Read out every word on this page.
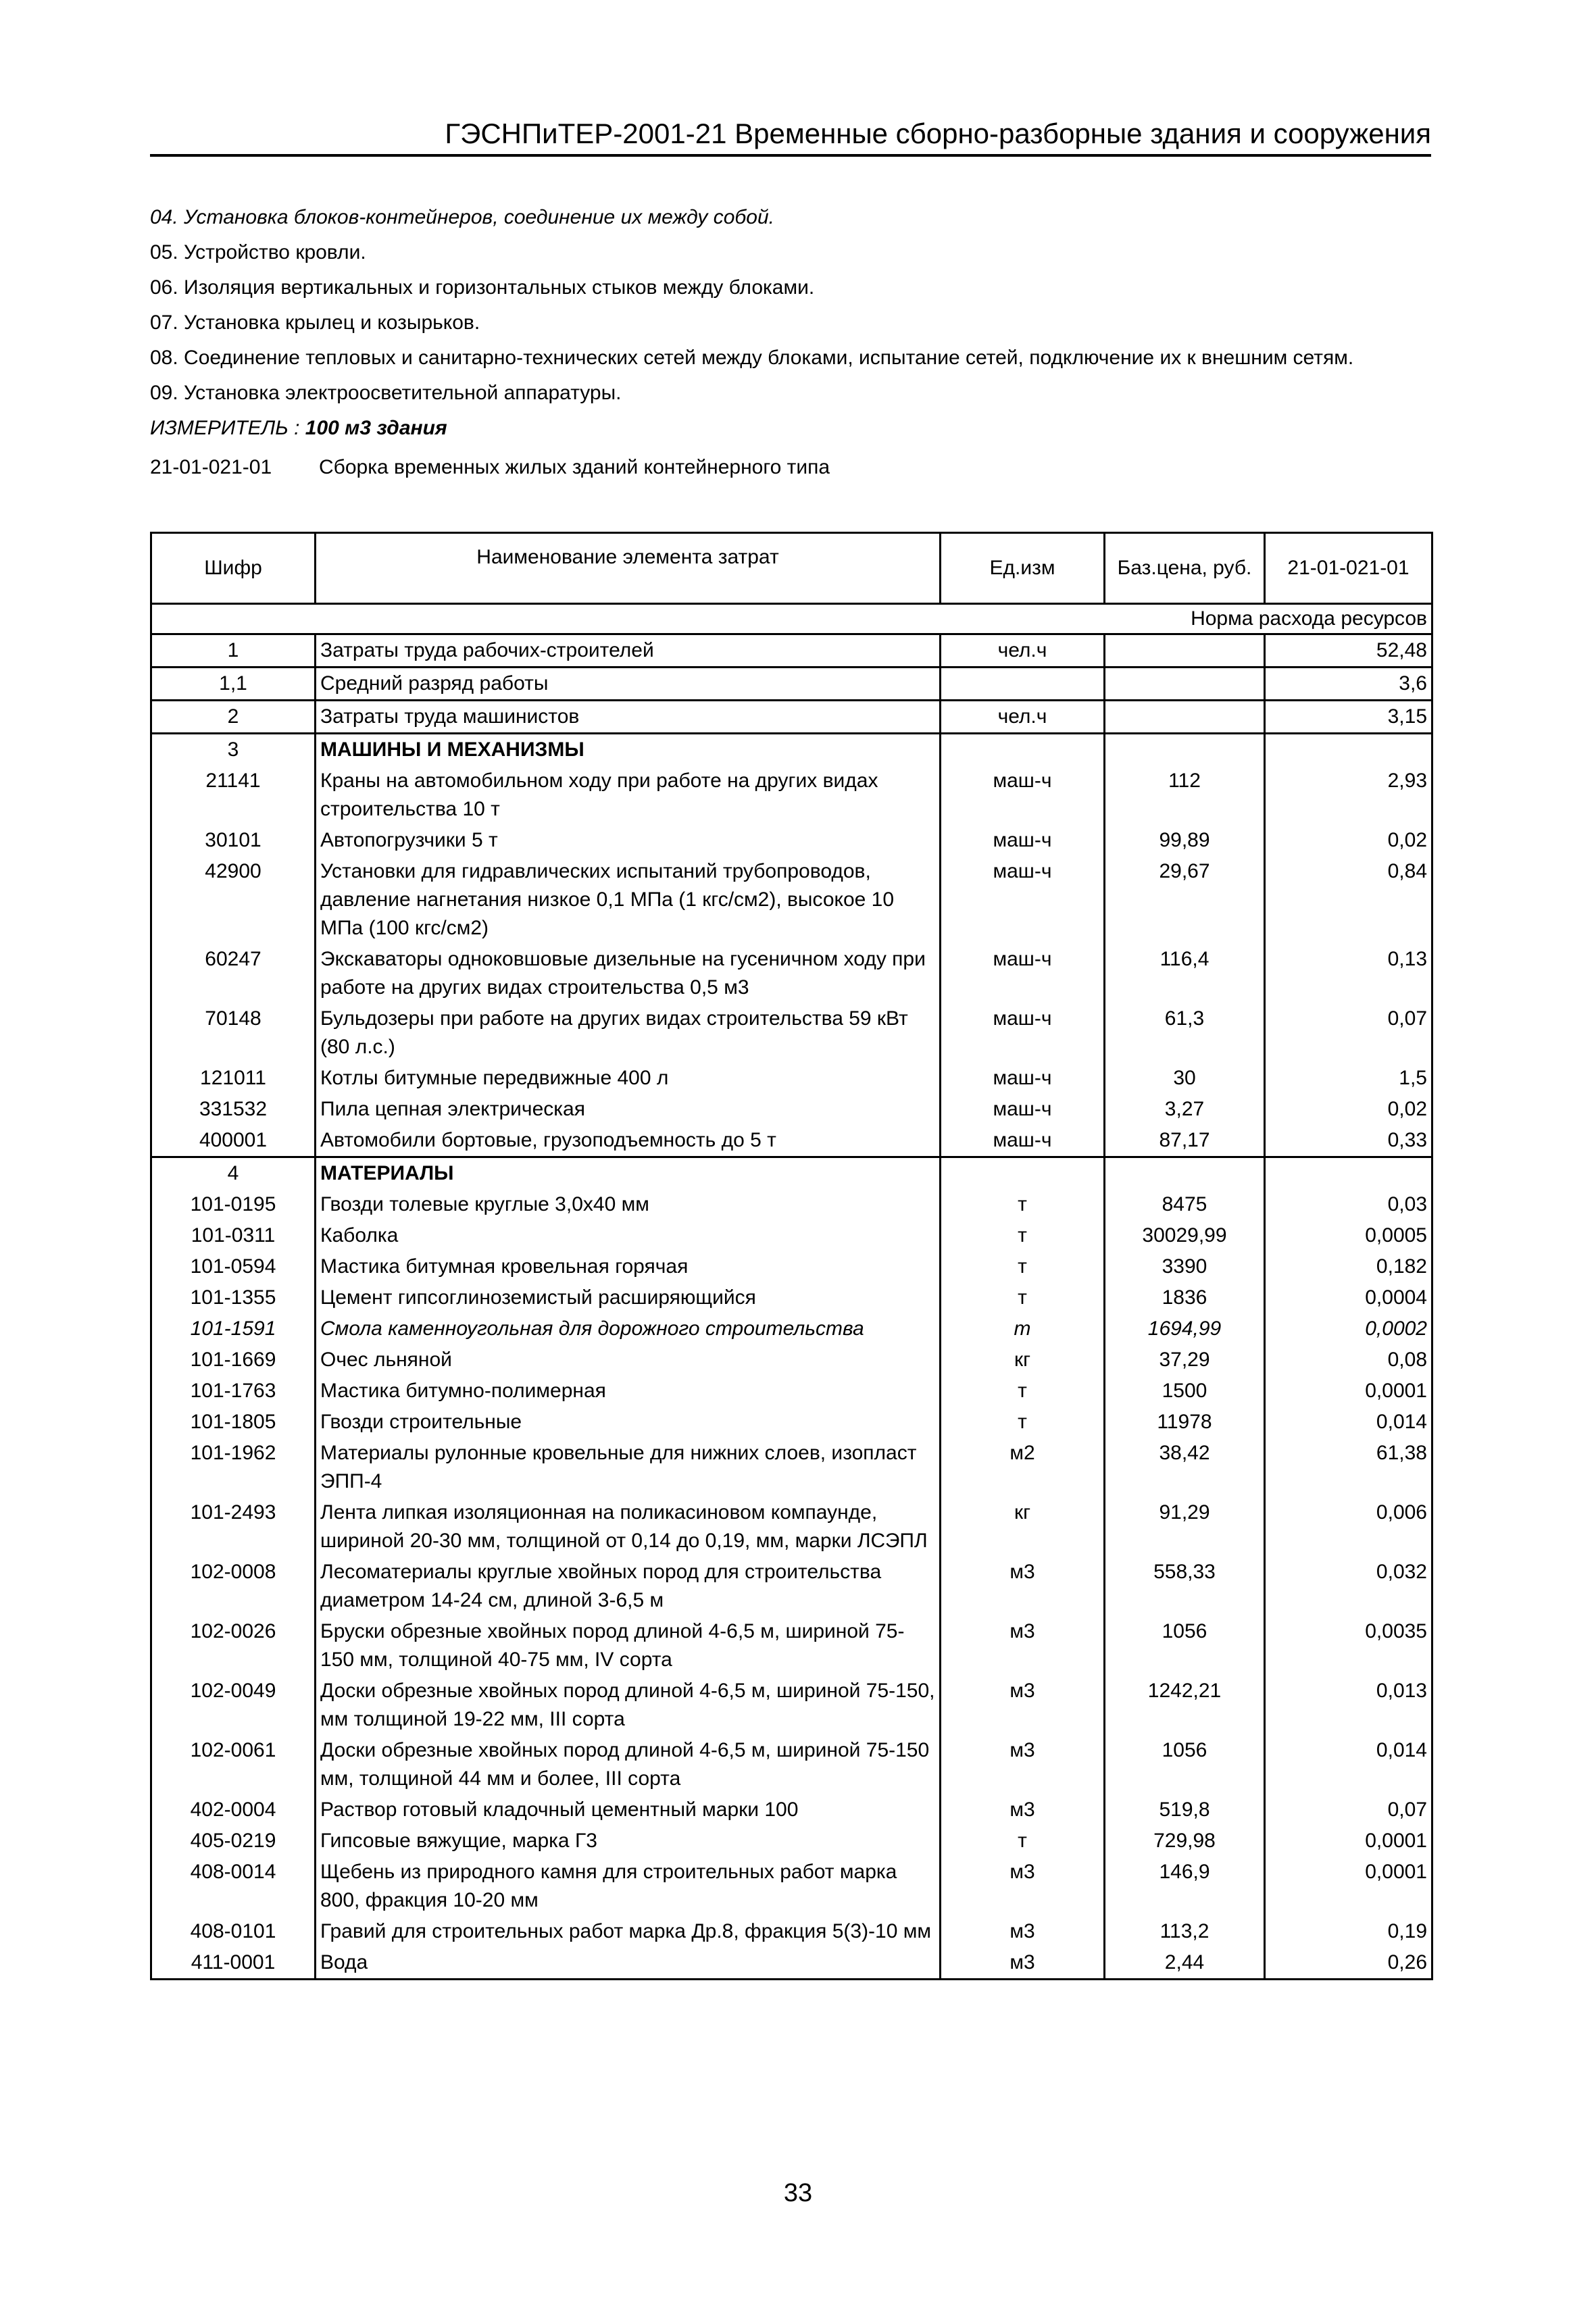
ГЭСНПиТЕР-2001-21 Временные сборно-разборные здания и сооружения

04. Установка блоков-контейнеров, соединение их между собой.

05. Устройство кровли.

06. Изоляция вертикальных и горизонтальных стыков между блоками.

07. Установка крылец и козырьков.

08. Соединение тепловых и санитарно-технических сетей между блоками, испытание сетей, подключение их к внешним сетям.

09. Установка электроосветительной аппаратуры.

ИЗМЕРИТЕЛЬ : 100 м3 здания

21-01-021-01 Сборка временных жилых зданий контейнерного типа

Шифр	Наименование элемента затрат	Ед.изм	Баз.цена, руб.	21-01-021-01
			Норма расхода ресурсов	
1	Затраты труда рабочих-строителей	чел.ч		52,48
1,1	Средний разряд работы			3,6
2	Затраты труда машинистов	чел.ч		3,15
3	МАШИНЫ И МЕХАНИЗМЫ			
21141	Краны на автомобильном ходу при работе на других видах строительства 10 т	маш-ч	112	2,93
30101	Автопогрузчики 5 т	маш-ч	99,89	0,02
42900	Установки для гидравлических испытаний трубопроводов, давление нагнетания низкое 0,1 МПа (1 кгс/см2), высокое 10 МПа (100 кгс/см2)	маш-ч	29,67	0,84
60247	Экскаваторы одноковшовые дизельные на гусеничном ходу при работе на других видах строительства 0,5 м3	маш-ч	116,4	0,13
70148	Бульдозеры при работе на других видах строительства 59 кВт (80 л.с.)	маш-ч	61,3	0,07
121011	Котлы битумные передвижные 400 л	маш-ч	30	1,5
331532	Пила цепная электрическая	маш-ч	3,27	0,02
400001	Автомобили бортовые, грузоподъемность до 5 т	маш-ч	87,17	0,33
4	МАТЕРИАЛЫ			
101-0195	Гвозди толевые круглые 3,0х40 мм	т	8475	0,03
101-0311	Каболка	т	30029,99	0,0005
101-0594	Мастика битумная кровельная горячая	т	3390	0,182
101-1355	Цемент гипсоглиноземистый расширяющийся	т	1836	0,0004
101-1591	Смола каменноугольная для дорожного строительства	т	1694,99	0,0002
101-1669	Очес льняной	кг	37,29	0,08
101-1763	Мастика битумно-полимерная	т	1500	0,0001
101-1805	Гвозди строительные	т	11978	0,014
101-1962	Материалы рулонные кровельные для нижних слоев, изопласт ЭПП-4	м2	38,42	61,38
101-2493	Лента липкая изоляционная на поликасиновом компаунде, шириной 20-30 мм, толщиной от 0,14 до 0,19, мм, марки ЛСЭПЛ	кг	91,29	0,006
102-0008	Лесоматериалы круглые хвойных пород для строительства диаметром 14-24 см, длиной 3-6,5 м	м3	558,33	0,032
102-0026	Бруски обрезные хвойных пород длиной 4-6,5 м, шириной 75-150 мм, толщиной 40-75 мм, IV сорта	м3	1056	0,0035
102-0049	Доски обрезные хвойных пород длиной 4-6,5 м, шириной 75-150, мм толщиной 19-22 мм, III сорта	м3	1242,21	0,013
102-0061	Доски обрезные хвойных пород длиной 4-6,5 м, шириной 75-150 мм, толщиной 44 мм и более, III сорта	м3	1056	0,014
402-0004	Раствор готовый кладочный цементный марки 100	м3	519,8	0,07
405-0219	Гипсовые вяжущие, марка Г3	т	729,98	0,0001
408-0014	Щебень из природного камня для строительных работ марка 800, фракция 10-20 мм	м3	146,9	0,0001
408-0101	Гравий для строительных работ марка Др.8, фракция 5(3)-10 мм	м3	113,2	0,19
411-0001	Вода	м3	2,44	0,26
33
